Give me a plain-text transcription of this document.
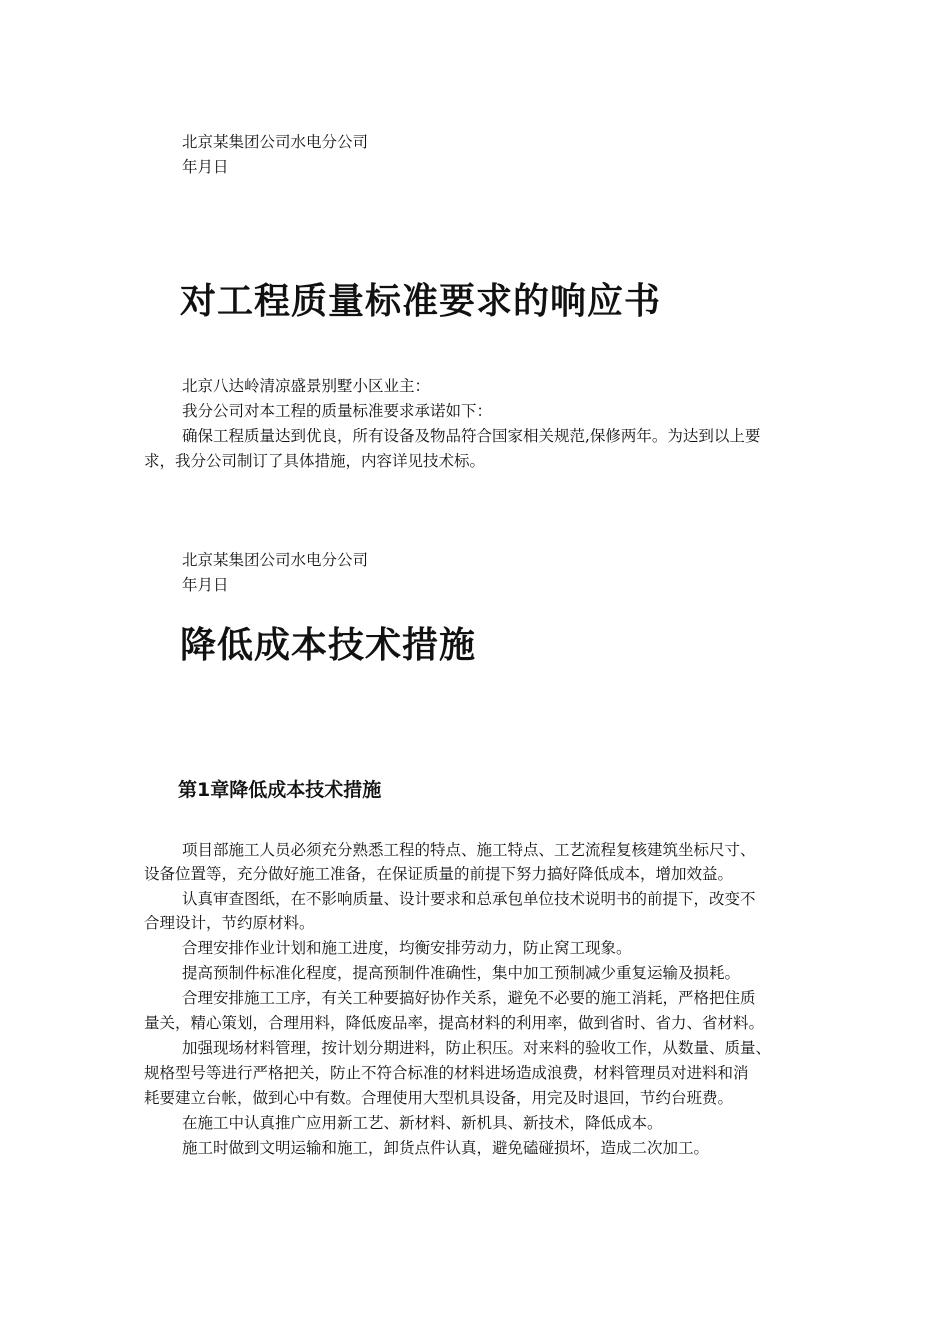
北京某集团公司水电分公司
年月日
对工程质量标准要求的响应书
北京八达岭清凉盛景别墅小区业主：
我分公司对本工程的质量标准要求承诺如下：
确保工程质量达到优良，所有设备及物品符合国家相关规范,保修两年。为达到以上要
求，我分公司制订了具体措施，内容详见技术标。
北京某集团公司水电分公司
年月日
降低成本技术措施
第1章降低成本技术措施
项目部施工人员必须充分熟悉工程的特点、施工特点、工艺流程复核建筑坐标尺寸、
设备位置等，充分做好施工准备，在保证质量的前提下努力搞好降低成本，增加效益。
认真审查图纸，在不影响质量、设计要求和总承包单位技术说明书的前提下，改变不
合理设计，节约原材料。
合理安排作业计划和施工进度，均衡安排劳动力，防止窝工现象。
提高预制件标准化程度，提高预制件准确性，集中加工预制减少重复运输及损耗。
合理安排施工工序，有关工种要搞好协作关系，避免不必要的施工消耗，严格把住质
量关，精心策划，合理用料，降低废品率，提高材料的利用率，做到省时、省力、省材料。
加强现场材料管理，按计划分期进料，防止积压。对来料的验收工作，从数量、质量、
规格型号等进行严格把关，防止不符合标准的材料进场造成浪费，材料管理员对进料和消
耗要建立台帐，做到心中有数。合理使用大型机具设备，用完及时退回，节约台班费。
在施工中认真推广应用新工艺、新材料、新机具、新技术，降低成本。
施工时做到文明运输和施工，卸货点件认真，避免磕碰损坏，造成二次加工。
